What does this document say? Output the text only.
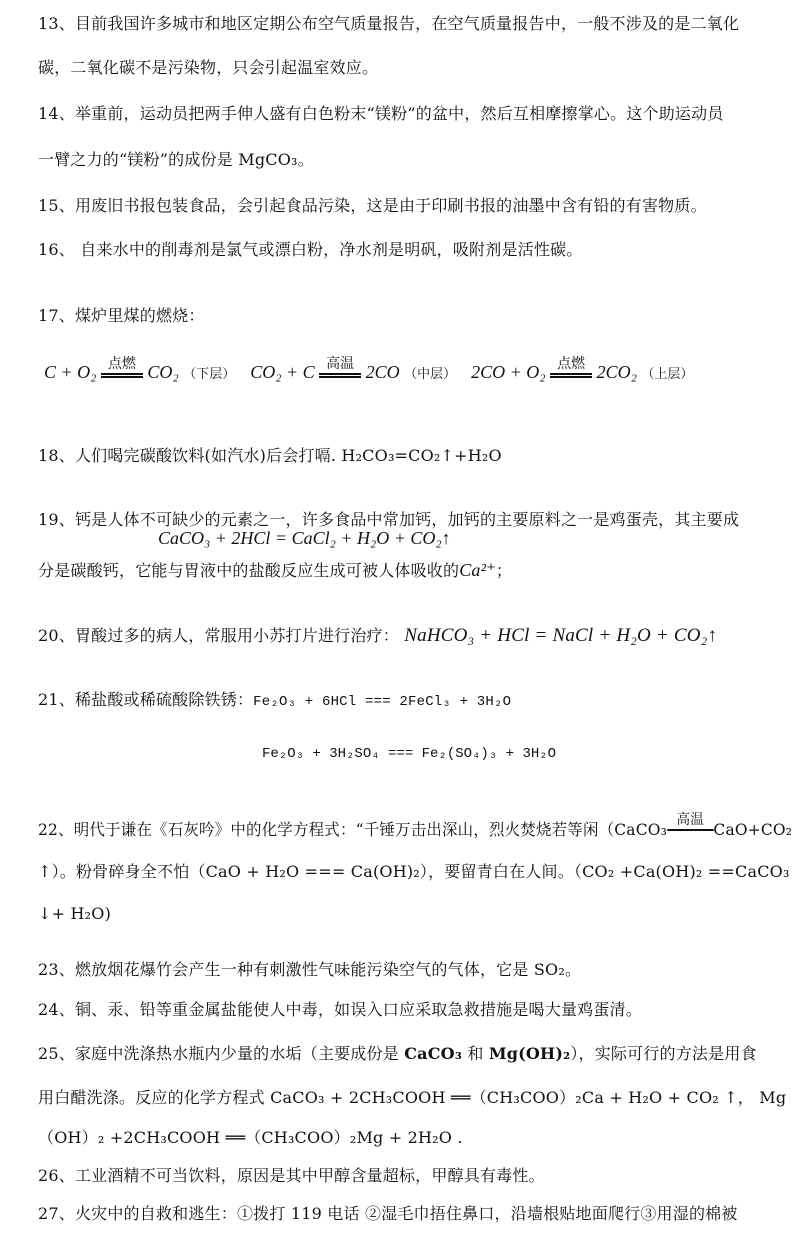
13、目前我国许多城市和地区定期公布空气质量报告，在空气质量报告中，一般不涉及的是二氧化
碳，二氧化碳不是污染物，只会引起温室效应。
14、举重前，运动员把两手伸人盛有白色粉末“镁粉”的盆中，然后互相摩擦掌心。这个助运动员
一臂之力的“镁粉”的成份是 MgCO₃。
15、用废旧书报包装食品，会引起食品污染，这是由于印刷书报的油墨中含有铅的有害物质。
16、 自来水中的削毒剂是氯气或漂白粉，净水剂是明矾，吸附剂是活性碳。
17、煤炉里煤的燃烧：
C + O₂ 点燃 CO₂ （下层） CO₂ + C 高温 2CO （中层） 2CO + O₂ 点燃 2CO₂ （上层）
18、人们喝完碳酸饮料(如汽水)后会打嗝. H₂CO₃=CO₂↑+H₂O
19、钙是人体不可缺少的元素之一，许多食品中常加钙，加钙的主要原料之一是鸡蛋壳，其主要成
CaCO₃ + 2HCl = CaCl₂ + H₂O + CO₂↑
分是碳酸钙，它能与胃液中的盐酸反应生成可被人体吸收的Ca²⁺；
20、胃酸过多的病人，常服用小苏打片进行治疗： NaHCO₃ + HCl = NaCl + H₂O + CO₂↑
21、稀盐酸或稀硫酸除铁锈：Fe₂O₃ + 6HCl === 2FeCl₃ + 3H₂O
Fe₂O₃ + 3H₂SO₄ === Fe₂(SO₄)₃ + 3H₂O
22、明代于谦在《石灰吟》中的化学方程式：“千锤万击出深山，烈火焚烧若等闲（CaCO₃ 高温 CaO+CO₂
↑）。粉骨碎身全不怕（CaO + H₂O === Ca(OH)₂），要留青白在人间。（CO₂ +Ca(OH)₂ ==CaCO₃
↓+ H₂O)
23、燃放烟花爆竹会产生一种有刺激性气味能污染空气的气体，它是 SO₂。
24、铜、汞、铅等重金属盐能使人中毒，如误入口应采取急救措施是喝大量鸡蛋清。
25、家庭中洗涤热水瓶内少量的水垢（主要成份是 CaCO₃ 和 Mg(OH)₂），实际可行的方法是用食
用白醋洗涤。反应的化学方程式 CaCO₃ + 2CH₃COOH ══（CH₃COO）₂Ca + H₂O + CO₂ ↑， Mg
（OH）₂ +2CH₃COOH ══（CH₃COO）₂Mg + 2H₂O .
26、工业酒精不可当饮料，原因是其中甲醇含量超标，甲醇具有毒性。
27、火灾中的自救和逃生：①拨打 119 电话 ②湿毛巾捂住鼻口，沿墙根贴地面爬行③用湿的棉被
